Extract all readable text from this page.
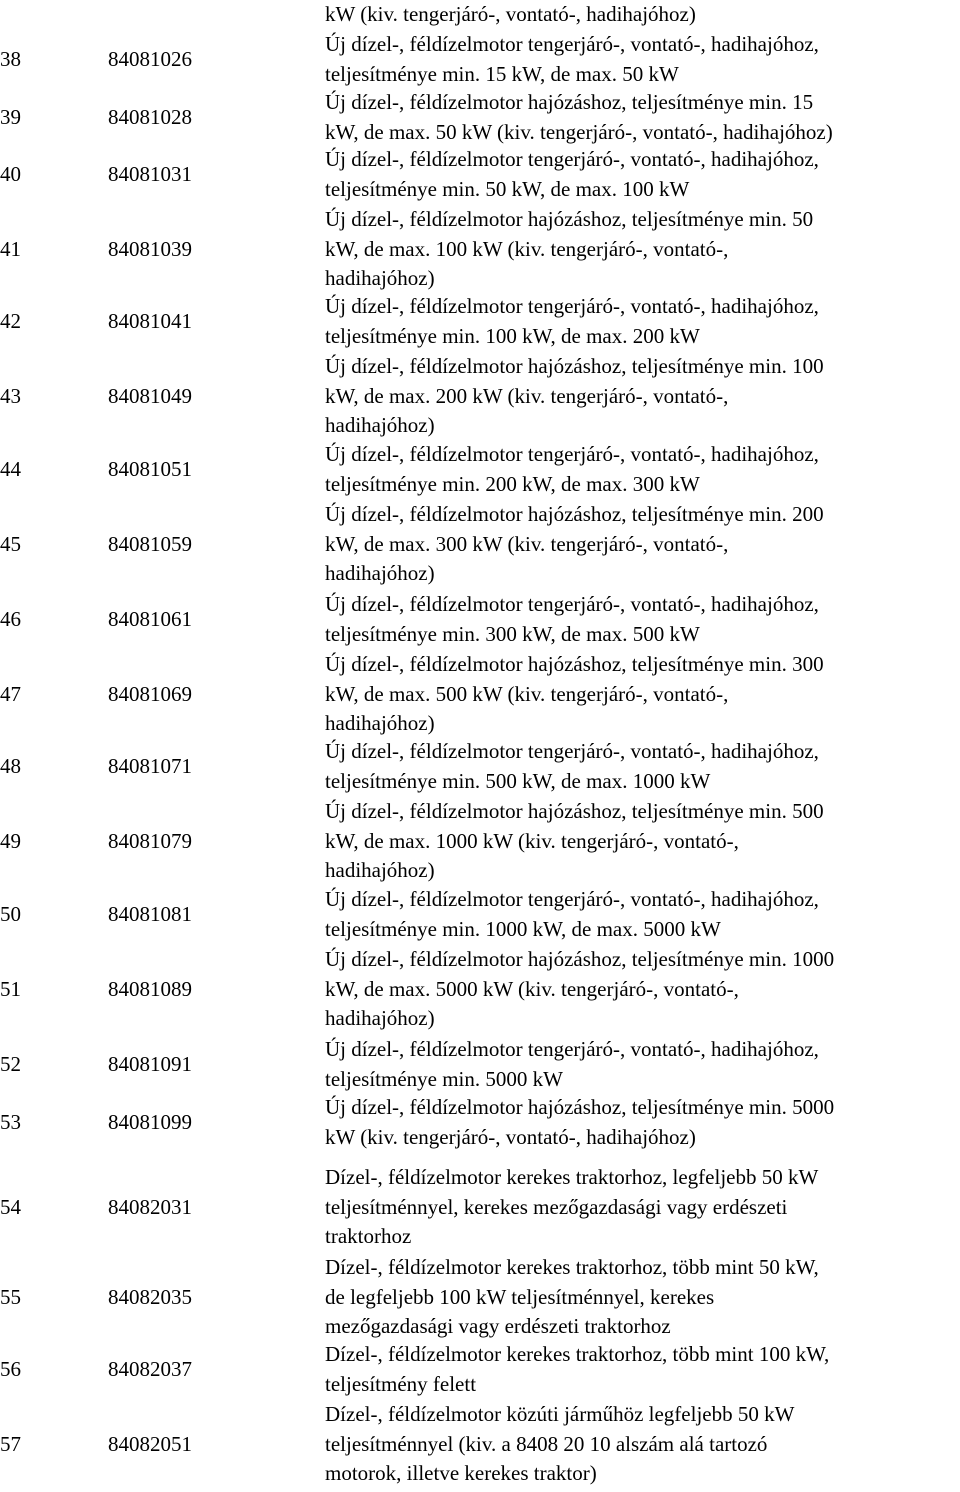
kW (kiv. tengerjáró-, vontató-, hadihajóhoz)
38	84081026
Új dízel-, féldízelmotor tengerjáró-, vontató-, hadihajóhoz,
teljesítménye min. 15 kW, de max. 50 kW
39	84081028
Új dízel-, féldízelmotor hajózáshoz, teljesítménye min. 15
kW, de max. 50 kW (kiv. tengerjáró-, vontató-, hadihajóhoz)
40	84081031
Új dízel-, féldízelmotor tengerjáró-, vontató-, hadihajóhoz,
teljesítménye min. 50 kW, de max. 100 kW
41	84081039
Új dízel-, féldízelmotor hajózáshoz, teljesítménye min. 50
kW, de max. 100 kW (kiv. tengerjáró-, vontató-,
hadihajóhoz)
42	84081041
Új dízel-, féldízelmotor tengerjáró-, vontató-, hadihajóhoz,
teljesítménye min. 100 kW, de max. 200 kW
43	84081049
Új dízel-, féldízelmotor hajózáshoz, teljesítménye min. 100
kW, de max. 200 kW (kiv. tengerjáró-, vontató-,
hadihajóhoz)
44	84081051
Új dízel-, féldízelmotor tengerjáró-, vontató-, hadihajóhoz,
teljesítménye min. 200 kW, de max. 300 kW
45	84081059
Új dízel-, féldízelmotor hajózáshoz, teljesítménye min. 200
kW, de max. 300 kW (kiv. tengerjáró-, vontató-,
hadihajóhoz)
46	84081061
Új dízel-, féldízelmotor tengerjáró-, vontató-, hadihajóhoz,
teljesítménye min. 300 kW, de max. 500 kW
47	84081069
Új dízel-, féldízelmotor hajózáshoz, teljesítménye min. 300
kW, de max. 500 kW (kiv. tengerjáró-, vontató-,
hadihajóhoz)
48	84081071
Új dízel-, féldízelmotor tengerjáró-, vontató-, hadihajóhoz,
teljesítménye min. 500 kW, de max. 1000 kW
49	84081079
Új dízel-, féldízelmotor hajózáshoz, teljesítménye min. 500
kW, de max. 1000 kW (kiv. tengerjáró-, vontató-,
hadihajóhoz)
50	84081081
Új dízel-, féldízelmotor tengerjáró-, vontató-, hadihajóhoz,
teljesítménye min. 1000 kW, de max. 5000 kW
51	84081089
Új dízel-, féldízelmotor hajózáshoz, teljesítménye min. 1000
kW, de max. 5000 kW (kiv. tengerjáró-, vontató-,
hadihajóhoz)
52	84081091
Új dízel-, féldízelmotor tengerjáró-, vontató-, hadihajóhoz,
teljesítménye min. 5000 kW
53	84081099
Új dízel-, féldízelmotor hajózáshoz, teljesítménye min. 5000
kW (kiv. tengerjáró-, vontató-, hadihajóhoz)
54	84082031
Dízel-, féldízelmotor kerekes traktorhoz, legfeljebb 50 kW
teljesítménnyel, kerekes mezőgazdasági vagy erdészeti
traktorhoz
55	84082035
Dízel-, féldízelmotor kerekes traktorhoz, több mint 50 kW,
de legfeljebb 100 kW teljesítménnyel, kerekes
mezőgazdasági vagy erdészeti traktorhoz
56	84082037
Dízel-, féldízelmotor kerekes traktorhoz, több mint 100 kW,
teljesítmény felett
57	84082051
Dízel-, féldízelmotor közúti járműhöz legfeljebb 50 kW
teljesítménnyel (kiv. a 8408 20 10 alszám alá tartozó
motorok, illetve kerekes traktor)
